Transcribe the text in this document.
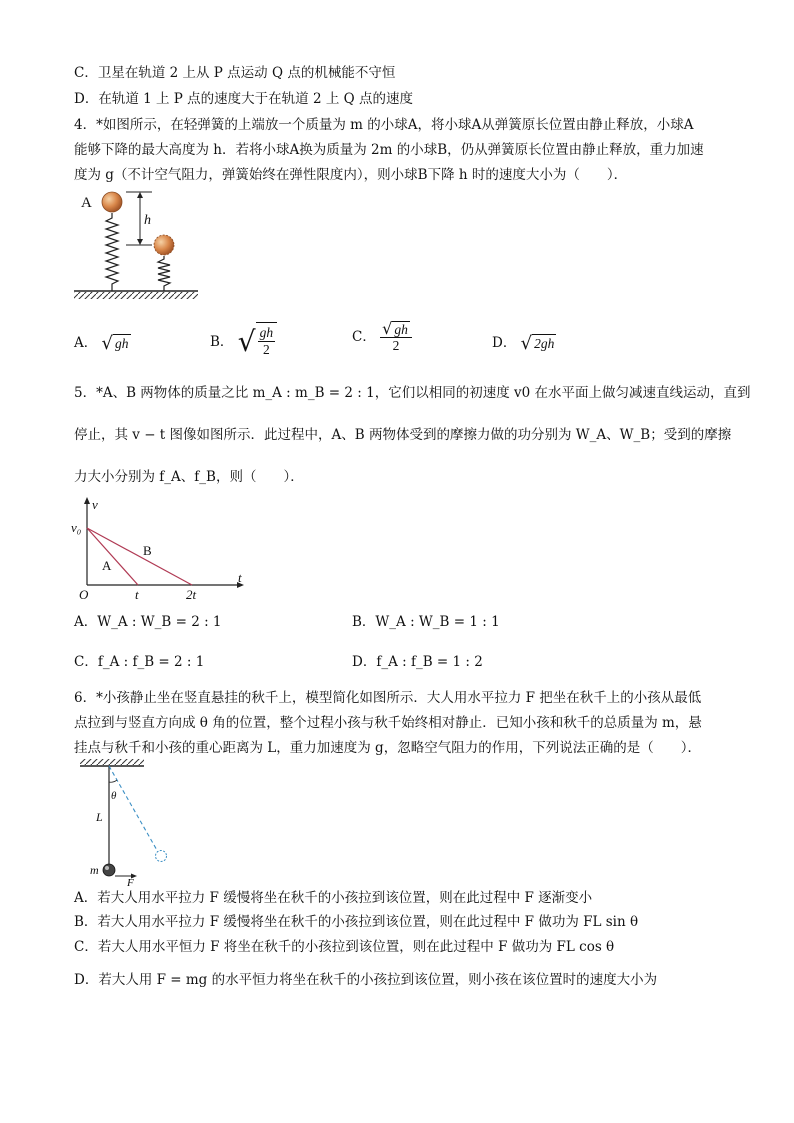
C．卫星在轨道 2 上从 P 点运动 Q 点的机械能不守恒
D．在轨道 1 上 P 点的速度大于在轨道 2 上 Q 点的速度
4．*如图所示，在轻弹簧的上端放一个质量为 m 的小球A，将小球A从弹簧原长位置由静止释放，小球A
能够下降的最大高度为 h．若将小球A换为质量为 2m 的小球B，仍从弹簧原长位置由静止释放，重力加速
度为 g（不计空气阻力，弹簧始终在弹性限度内），则小球B下降 h 时的速度大小为（　　）．
A
h
A． √ gh	B． √ $\frac{gh}{2}$	C． $\frac{√ gh}{2}$	D． √ 2gh
5．*A、B 两物体的质量之比 m_A : m_B = 2 : 1，它们以相同的初速度 v0 在水平面上做匀减速直线运动，直到
停止，其 v − t 图像如图所示．此过程中，A、B 两物体受到的摩擦力做的功分别为 W_A、W_B；受到的摩擦
力大小分别为 f_A、f_B，则（　　）．
v
v₀
O	t	2t
t
A
B
A．W_A : W_B = 2 : 1	B．W_A : W_B = 1 : 1
C．f_A : f_B = 2 : 1	D．f_A : f_B = 1 : 2
6．*小孩静止坐在竖直悬挂的秋千上，模型简化如图所示．大人用水平拉力 F 把坐在秋千上的小孩从最低
点拉到与竖直方向成 θ 角的位置，整个过程小孩与秋千始终相对静止．已知小孩和秋千的总质量为 m，悬
挂点与秋千和小孩的重心距离为 L，重力加速度为 g，忽略空气阻力的作用，下列说法正确的是（　　）．
θ
L
m
F
A．若大人用水平拉力 F 缓慢将坐在秋千的小孩拉到该位置，则在此过程中 F 逐渐变小
B．若大人用水平拉力 F 缓慢将坐在秋千的小孩拉到该位置，则在此过程中 F 做功为 FL sin θ
C．若大人用水平恒力 F 将坐在秋千的小孩拉到该位置，则在此过程中 F 做功为 FL cos θ
D．若大人用 F = mg 的水平恒力将坐在秋千的小孩拉到该位置，则小孩在该位置时的速度大小为
